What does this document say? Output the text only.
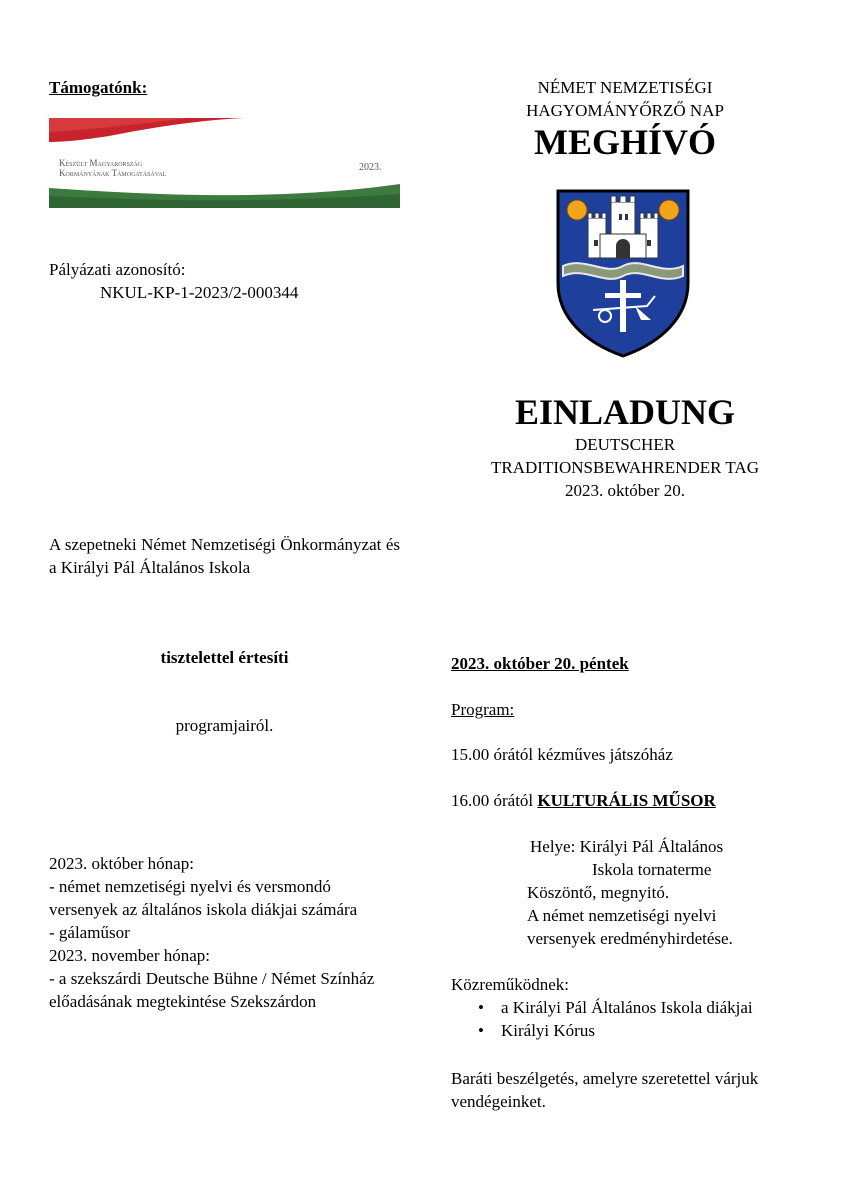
Támogatónk:
Készült Magyarország
Kormányának Támogatásával	2023.
Pályázati azonosító:
NKUL-KP-1-2023/2-000344
A szepetneki Német Nemzetiségi Önkormányzat és a Királyi Pál Általános Iskola
tisztelettel értesíti
programjairól.
2023. október hónap:
- német nemzetiségi nyelvi és versmondó versenyek az általános iskola diákjai számára
- gálaműsor
2023. november hónap:
- a szekszárdi Deutsche Bühne / Német Színház előadásának megtekintése Szekszárdon
NÉMET NEMZETISÉGI
HAGYOMÁNYŐRZŐ NAP
MEGHÍVÓ
EINLADUNG
DEUTSCHER
TRADITIONSBEWAHRENDER TAG
2023. október 20.
2023. október 20. péntek
Program:
15.00 órától kézműves játszóház
16.00 órától KULTURÁLIS MŰSOR
Helye: Királyi Pál Általános
Iskola tornaterme
Köszöntő, megnyitó.
A német nemzetiségi nyelvi
versenyek eredményhirdetése.
Közreműködnek:
• a Királyi Pál Általános Iskola diákjai
• Királyi Kórus
Baráti beszélgetés, amelyre szeretettel várjuk vendégeinket.
